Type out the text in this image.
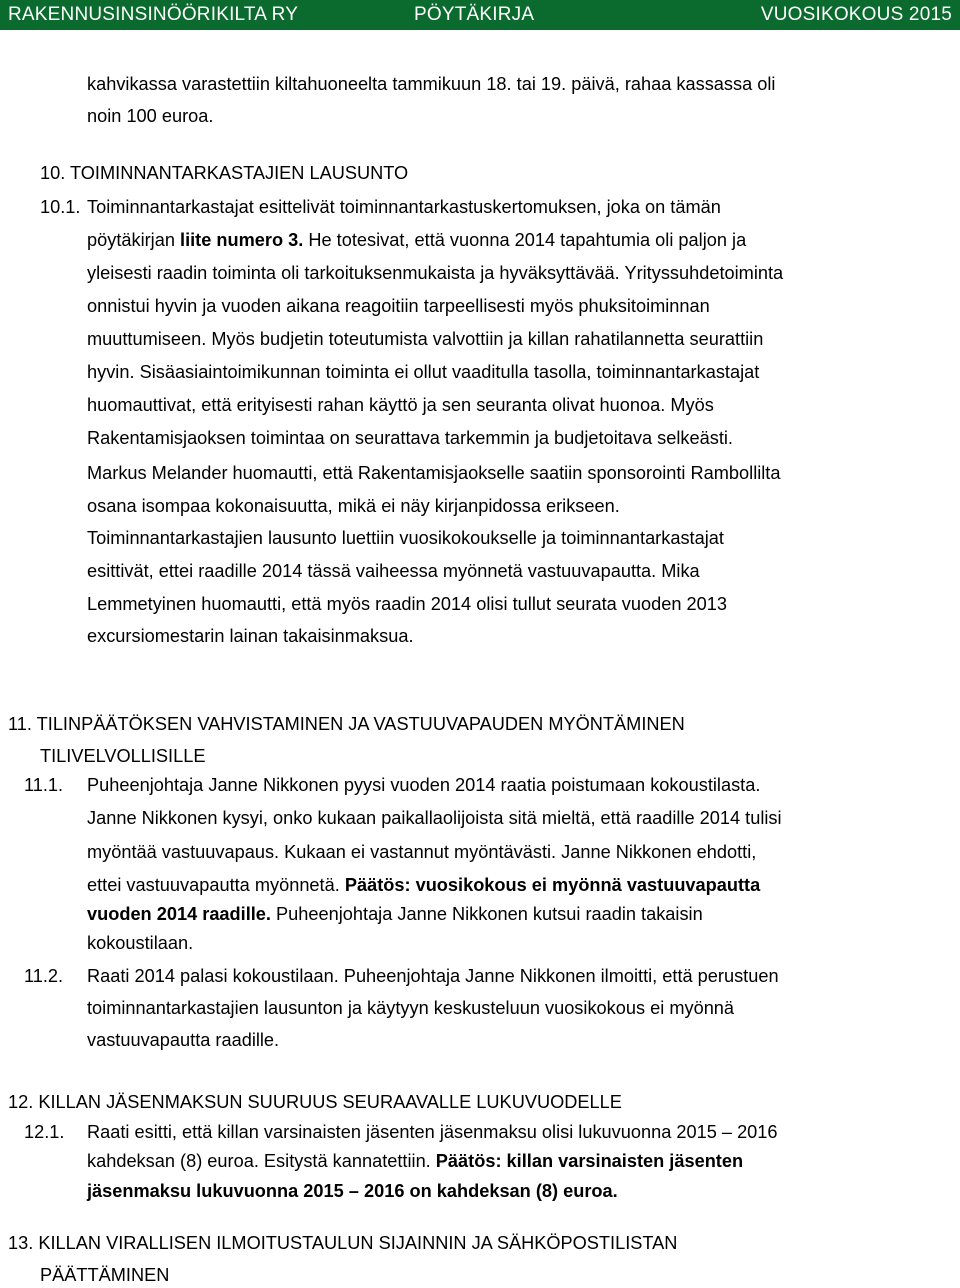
RAKENNUSINSINÖÖRIKILTA RY	PÖYTÄKIRJA	VUOSIKOKOUS 2015
kahvikassa varastettiin kiltahuoneelta tammikuun 18. tai 19. päivä, rahaa kassassa oli
noin 100 euroa.
10. TOIMINNANTARKASTAJIEN LAUSUNTO
10.1. Toiminnantarkastajat esittelivät toiminnantarkastuskertomuksen, joka on tämän
pöytäkirjan liite numero 3. He totesivat, että vuonna 2014 tapahtumia oli paljon ja
yleisesti raadin toiminta oli tarkoituksenmukaista ja hyväksyttävää. Yrityssuhdetoiminta
onnistui hyvin ja vuoden aikana reagoitiin tarpeellisesti myös phuksitoiminnan
muuttumiseen. Myös budjetin toteutumista valvottiin ja killan rahatilannetta seurattiin
hyvin. Sisäasiaintoimikunnan toiminta ei ollut vaaditulla tasolla, toiminnantarkastajat
huomauttivat, että erityisesti rahan käyttö ja sen seuranta olivat huonoa. Myös
Rakentamisjaoksen toimintaa on seurattava tarkemmin ja budjetoitava selkeästi.
Markus Melander huomautti, että Rakentamisjaokselle saatiin sponsorointi Rambollilta
osana isompaa kokonaisuutta, mikä ei näy kirjanpidossa erikseen.
Toiminnantarkastajien lausunto luettiin vuosikokoukselle ja toiminnantarkastajat
esittivät, ettei raadille 2014 tässä vaiheessa myönnetä vastuuvapautta. Mika
Lemmetyinen huomautti, että myös raadin 2014 olisi tullut seurata vuoden 2013
excursiomestarin lainan takaisinmaksua.
11. TILINPÄÄTÖKSEN VAHVISTAMINEN JA VASTUUVAPAUDEN MYÖNTÄMINEN
TILIVELVOLLISILLE
11.1. Puheenjohtaja Janne Nikkonen pyysi vuoden 2014 raatia poistumaan kokoustilasta.
Janne Nikkonen kysyi, onko kukaan paikallaolijoista sitä mieltä, että raadille 2014 tulisi
myöntää vastuuvapaus. Kukaan ei vastannut myöntävästi. Janne Nikkonen ehdotti,
ettei vastuuvapautta myönnetä. Päätös: vuosikokous ei myönnä vastuuvapautta
vuoden 2014 raadille. Puheenjohtaja Janne Nikkonen kutsui raadin takaisin
kokoustilaan.
11.2. Raati 2014 palasi kokoustilaan. Puheenjohtaja Janne Nikkonen ilmoitti, että perustuen
toiminnantarkastajien lausunton ja käytyyn keskusteluun vuosikokous ei myönnä
vastuuvapautta raadille.
12. KILLAN JÄSENMAKSUN SUURUUS SEURAAVALLE LUKUVUODELLE
12.1. Raati esitti, että killan varsinaisten jäsenten jäsenmaksu olisi lukuvuonna 2015 – 2016
kahdeksan (8) euroa. Esitystä kannatettiin. Päätös: killan varsinaisten jäsenten
jäsenmaksu lukuvuonna 2015 – 2016 on kahdeksan (8) euroa.
13. KILLAN VIRALLISEN ILMOITUSTAULUN SIJAINNIN JA SÄHKÖPOSTILISTAN
PÄÄTTÄMINEN
